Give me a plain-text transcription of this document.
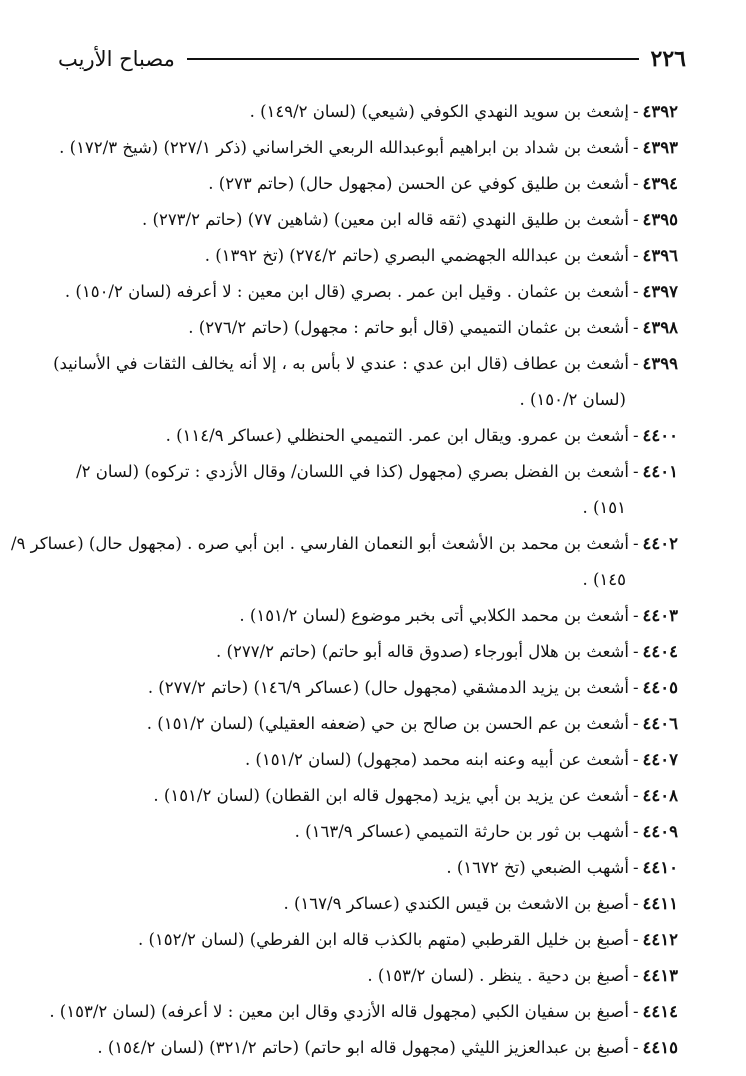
٢٢٦
مصباح الأريب
٤٣٩٢-إشعث بن سويد النهدي الكوفي (شيعي) (لسان ١٤٩/٢) .
٤٣٩٣-أشعث بن شداد بن ابراهيم أبوعبدالله الربعي الخراساني (ذكر ٢٢٧/١) (شيخ ١٧٢/٣) .
٤٣٩٤-أشعث بن طليق كوفي عن الحسن (مجهول حال) (حاتم ٢٧٣) .
٤٣٩٥-أشعث بن طليق النهدي (ثقه قاله ابن معين) (شاهين ٧٧) (حاتم ٢٧٣/٢) .
٤٣٩٦-أشعث بن عبدالله الجهضمي البصري (حاتم ٢٧٤/٢) (تخ ١٣٩٢) .
٤٣٩٧-أشعث بن عثمان . وقيل ابن عمر . بصري (قال ابن معين : لا أعرفه (لسان ١٥٠/٢) .
٤٣٩٨-أشعث بن عثمان التميمي (قال أبو حاتم : مجهول) (حاتم ٢٧٦/٢) .
٤٣٩٩-أشعث بن عطاف (قال ابن عدي : عندي لا بأس به ، إلا أنه يخالف الثقات في الأسانيد)
(لسان ١٥٠/٢) .
٤٤٠٠-أشعث بن عمرو. ويقال ابن عمر. التميمي الحنظلي (عساكر ١١٤/٩) .
٤٤٠١-أشعث بن الفضل بصري (مجهول (كذا في اللسان/ وقال الأزدي : تركوه) (لسان ٢/
١٥١) .
٤٤٠٢-أشعث بن محمد بن الأشعث أبو النعمان الفارسي . ابن أبي صره . (مجهول حال) (عساكر ٩/
١٤٥) .
٤٤٠٣-أشعث بن محمد الكلابي أتى بخبر موضوع (لسان ١٥١/٢) .
٤٤٠٤-أشعث بن هلال أبورجاء (صدوق قاله أبو حاتم) (حاتم ٢٧٧/٢) .
٤٤٠٥-أشعث بن يزيد الدمشقي (مجهول حال) (عساكر ١٤٦/٩) (حاتم ٢٧٧/٢) .
٤٤٠٦-أشعث بن عم الحسن بن صالح بن حي (ضعفه العقيلي) (لسان ١٥١/٢) .
٤٤٠٧-أشعث عن أبيه وعنه ابنه محمد (مجهول) (لسان ١٥١/٢) .
٤٤٠٨-أشعث عن يزيد بن أبي يزيد (مجهول قاله ابن القطان) (لسان ١٥١/٢) .
٤٤٠٩-أشهب بن ثور بن حارثة التميمي (عساكر ١٦٣/٩) .
٤٤١٠-أشهب الضبعي (تخ ١٦٧٢) .
٤٤١١-أصبغ بن الاشعث بن قيس الكندي (عساكر ١٦٧/٩) .
٤٤١٢-أصبغ بن خليل القرطبي (متهم بالكذب قاله ابن الفرطي) (لسان ١٥٢/٢) .
٤٤١٣-أصبغ بن دحية . ينظر . (لسان ١٥٣/٢) .
٤٤١٤-أصبغ بن سفيان الكبي (مجهول قاله الأزدي وقال ابن معين : لا أعرفه) (لسان ١٥٣/٢) .
٤٤١٥-أصبغ بن عبدالعزيز الليثي (مجهول قاله ابو حاتم) (حاتم ٣٢١/٢) (لسان ١٥٤/٢) .
